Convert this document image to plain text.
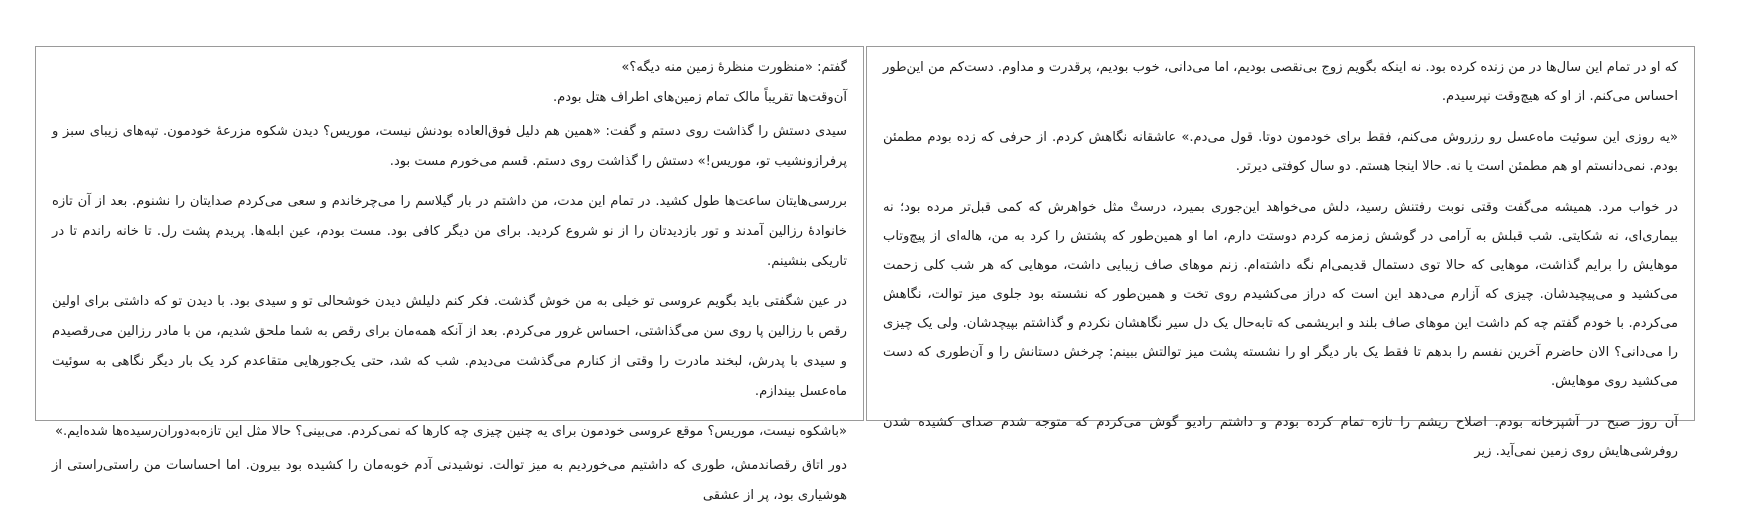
گفتم: «منظورت منظرهٔ زمین منه دیگه؟»

آن‌وقت‌ها تقریباً مالک تمام زمین‌های اطراف هتل بودم.

سیدی دستش را گذاشت روی دستم و گفت: «همین هم دلیل فوق‌العاده بودنش نیست، موریس؟ دیدن شکوه مزرعهٔ خودمون. تپه‌های زیبای سبز و پرفرازونشیب تو، موریس!» دستش را گذاشت روی دستم. قسم می‌خورم مست بود.

بررسی‌هایتان ساعت‌ها طول کشید. در تمام این مدت، من داشتم در بار گیلاسم را می‌چرخاندم و سعی می‌کردم صدایتان را نشنوم. بعد از آن تازه خانوادهٔ رزالین آمدند و تور بازدیدتان را از نو شروع کردید. برای من دیگر کافی بود. مست بودم، عین ابله‌ها. پریدم پشت رل. تا خانه راندم تا در تاریکی بنشینم.

در عین شگفتی باید بگویم عروسی تو خیلی به من خوش گذشت. فکر کنم دلیلش دیدن خوشحالی تو و سیدی بود. با دیدن تو که داشتی برای اولین رقص با رزالین پا روی سن می‌گذاشتی، احساس غرور می‌کردم. بعد از آنکه همه‌مان برای رقص به شما ملحق شدیم، من با مادر رزالین می‌رقصیدم و سیدی با پدرش، لبخند مادرت را وقتی از کنارم می‌گذشت می‌دیدم. شب که شد، حتی یک‌جورهایی متقاعدم کرد یک بار دیگر نگاهی به سوئیت ماه‌عسل بیندازم.

«باشکوه نیست، موریس؟ موقع عروسی خودمون برای یه چنین چیزی چه کارها که نمی‌کردم. می‌بینی؟ حالا مثل این تازه‌به‌دوران‌رسیده‌ها شده‌ایم.»

دور اتاق رقصاندمش، طوری که داشتیم می‌خوردیم به میز توالت. نوشیدنی آدم خوبه‌مان را کشیده بود بیرون. اما احساسات من راستی‌راستی از هوشیاری بود، پر از عشقی

که او در تمام این سال‌ها در من زنده کرده بود. نه اینکه بگویم زوج بی‌نقصی بودیم، اما می‌دانی، خوب بودیم، پرقدرت و مداوم. دست‌کم من این‌طور احساس می‌کنم. از او که هیچ‌وقت نپرسیدم.

«یه روزی این سوئیت ماه‌عسل رو رزروش می‌کنم، فقط برای خودمون دوتا. قول می‌دم.» عاشقانه نگاهش کردم. از حرفی که زده بودم مطمئن بودم. نمی‌دانستم او هم مطمئن است یا نه. حالا اینجا هستم. دو سال کوفتی دیرتر.

در خواب مرد. همیشه می‌گفت وقتی نوبت رفتنش رسید، دلش می‌خواهد این‌جوری بمیرد، درستْ مثل خواهرش که کمی قبل‌تر مرده بود؛ نه بیماری‌ای، نه شکایتی. شب قبلش به آرامی در گوشش زمزمه کردم دوستت دارم، اما او همین‌طور که پشتش را کرد به من، هاله‌ای از پیچ‌وتاب موهایش را برایم گذاشت، موهایی که حالا توی دستمال قدیمی‌ام نگه داشته‌ام. زنم موهای صاف زیبایی داشت، موهایی که هر شب کلی زحمت می‌کشید و می‌پیچیدشان. چیزی که آزارم می‌دهد این است که دراز می‌کشیدم روی تخت و همین‌طور که نشسته بود جلوی میز توالت، نگاهش می‌کردم. با خودم گفتم چه کم داشت این موهای صاف بلند و ابریشمی که تابه‌حال یک دل سیر نگاهشان نکردم و گذاشتم بپیچدشان. ولی یک چیزی را می‌دانی؟ الان حاضرم آخرین نفسم را بدهم تا فقط یک بار دیگر او را نشسته پشت میز توالتش ببینم: چرخش دستانش را و آن‌طوری که دست می‌کشید روی موهایش.

آن روز صبح در آشپزخانه بودم. اصلاح ریشم را تازه تمام کرده بودم و داشتم رادیو گوش می‌کردم که متوجه شدم صدای کشیده شدن روفرشی‌هایش روی زمین نمی‌آید. زیر
